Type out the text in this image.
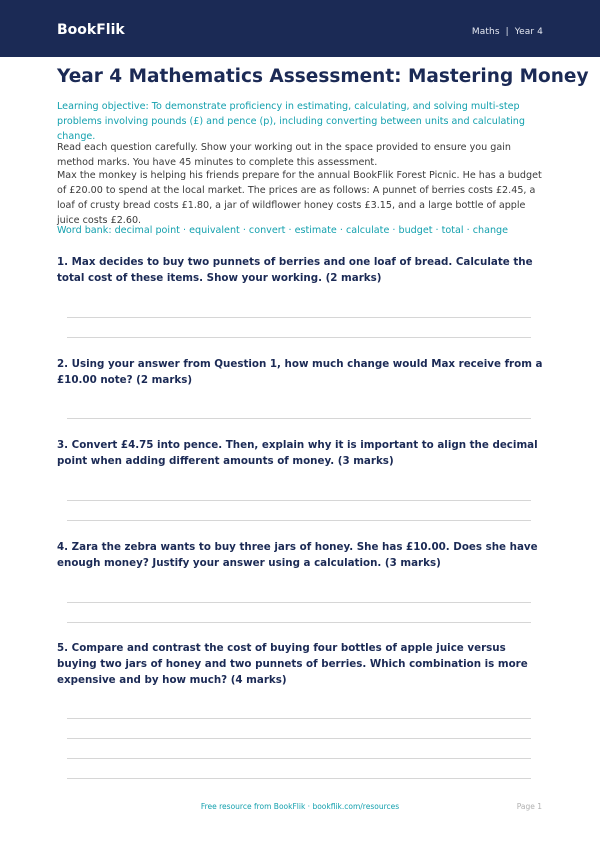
BookFlik	Maths | Year 4
Year 4 Mathematics Assessment: Mastering Money

Learning objective: To demonstrate proficiency in estimating, calculating, and solving multi-step problems involving pounds (£) and pence (p), including converting between units and calculating change.

Read each question carefully. Show your working out in the space provided to ensure you gain method marks. You have 45 minutes to complete this assessment.

Max the monkey is helping his friends prepare for the annual BookFlik Forest Picnic. He has a budget of £20.00 to spend at the local market. The prices are as follows: A punnet of berries costs £2.45, a loaf of crusty bread costs £1.80, a jar of wildflower honey costs £3.15, and a large bottle of apple juice costs £2.60.

Word bank: decimal point · equivalent · convert · estimate · calculate · budget · total · change

1. Max decides to buy two punnets of berries and one loaf of bread. Calculate the total cost of these items. Show your working. (2 marks)
2. Using your answer from Question 1, how much change would Max receive from a £10.00 note? (2 marks)
3. Convert £4.75 into pence. Then, explain why it is important to align the decimal point when adding different amounts of money. (3 marks)
4. Zara the zebra wants to buy three jars of honey. She has £10.00. Does she have enough money? Justify your answer using a calculation. (3 marks)
5. Compare and contrast the cost of buying four bottles of apple juice versus buying two jars of honey and two punnets of berries. Which combination is more expensive and by how much? (4 marks)
Free resource from BookFlik · bookflik.com/resources	Page 1
